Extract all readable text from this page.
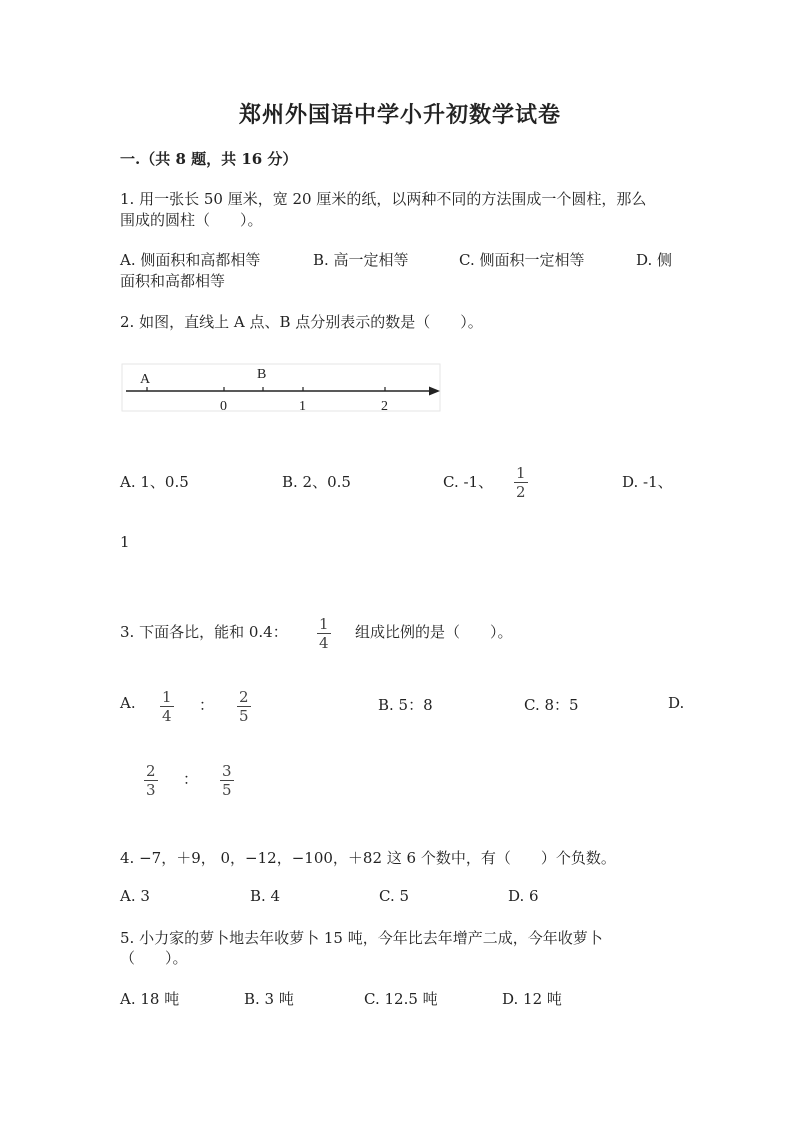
郑州外国语中学小升初数学试卷
一.（共 8 题，共 16 分）
1. 用一张长 50 厘米，宽 20 厘米的纸，以两种不同的方法围成一个圆柱，那么
围成的圆柱（　　）。
A. 侧面积和高都相等	B. 高一定相等	C. 侧面积一定相等	D. 侧
面积和高都相等
2. 如图，直线上 A 点、B 点分别表示的数是（　　）。
A	B
0	1	2
A. 1、0.5	B. 2、0.5	C. -1、 $\frac{1}{2}$	D. -1、
1
3. 下面各比，能和 0.4： $\frac{1}{4}$ 组成比例的是（　　）。
A. $\frac{1}{4}$ ： $\frac{2}{5}$	B. 5：8	C. 8：5	D.
$\frac{2}{3}$ ： $\frac{3}{5}$
4. −7，＋9， 0，−12，−100，＋82 这 6 个数中，有（　　）个负数。
A. 3	B. 4	C. 5	D. 6
5. 小力家的萝卜地去年收萝卜 15 吨，今年比去年增产二成，今年收萝卜
（　　）。
A. 18 吨	B. 3 吨	C. 12.5 吨	D. 12 吨
